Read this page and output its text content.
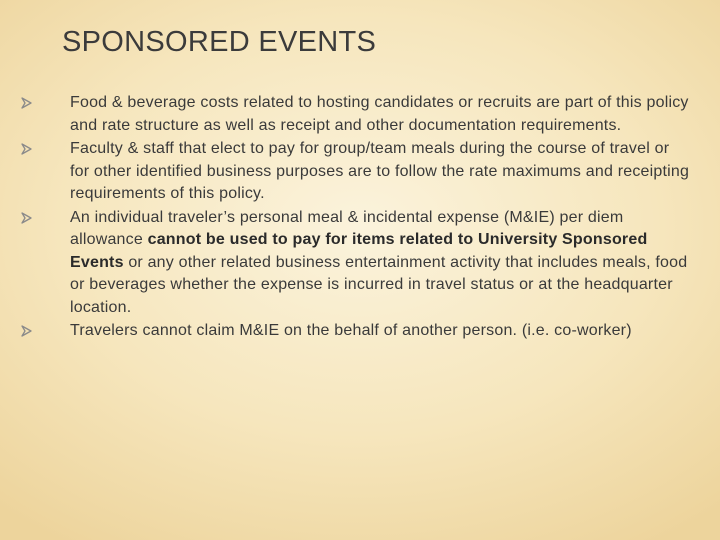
SPONSORED EVENTS
Food & beverage costs related to hosting candidates or recruits are part of this policy and rate structure as well as receipt and other documentation requirements.
Faculty & staff that elect to pay for group/team meals during the course of travel or for other identified business purposes are to follow the rate maximums and receipting requirements of this policy.
An individual traveler’s personal meal & incidental expense (M&IE) per diem allowance cannot be used to pay for items related to University Sponsored Events or any other related business entertainment activity that includes meals, food or beverages whether the expense is incurred in travel status or at the headquarter location.
Travelers cannot claim M&IE on the behalf of another person. (i.e. co-worker)
